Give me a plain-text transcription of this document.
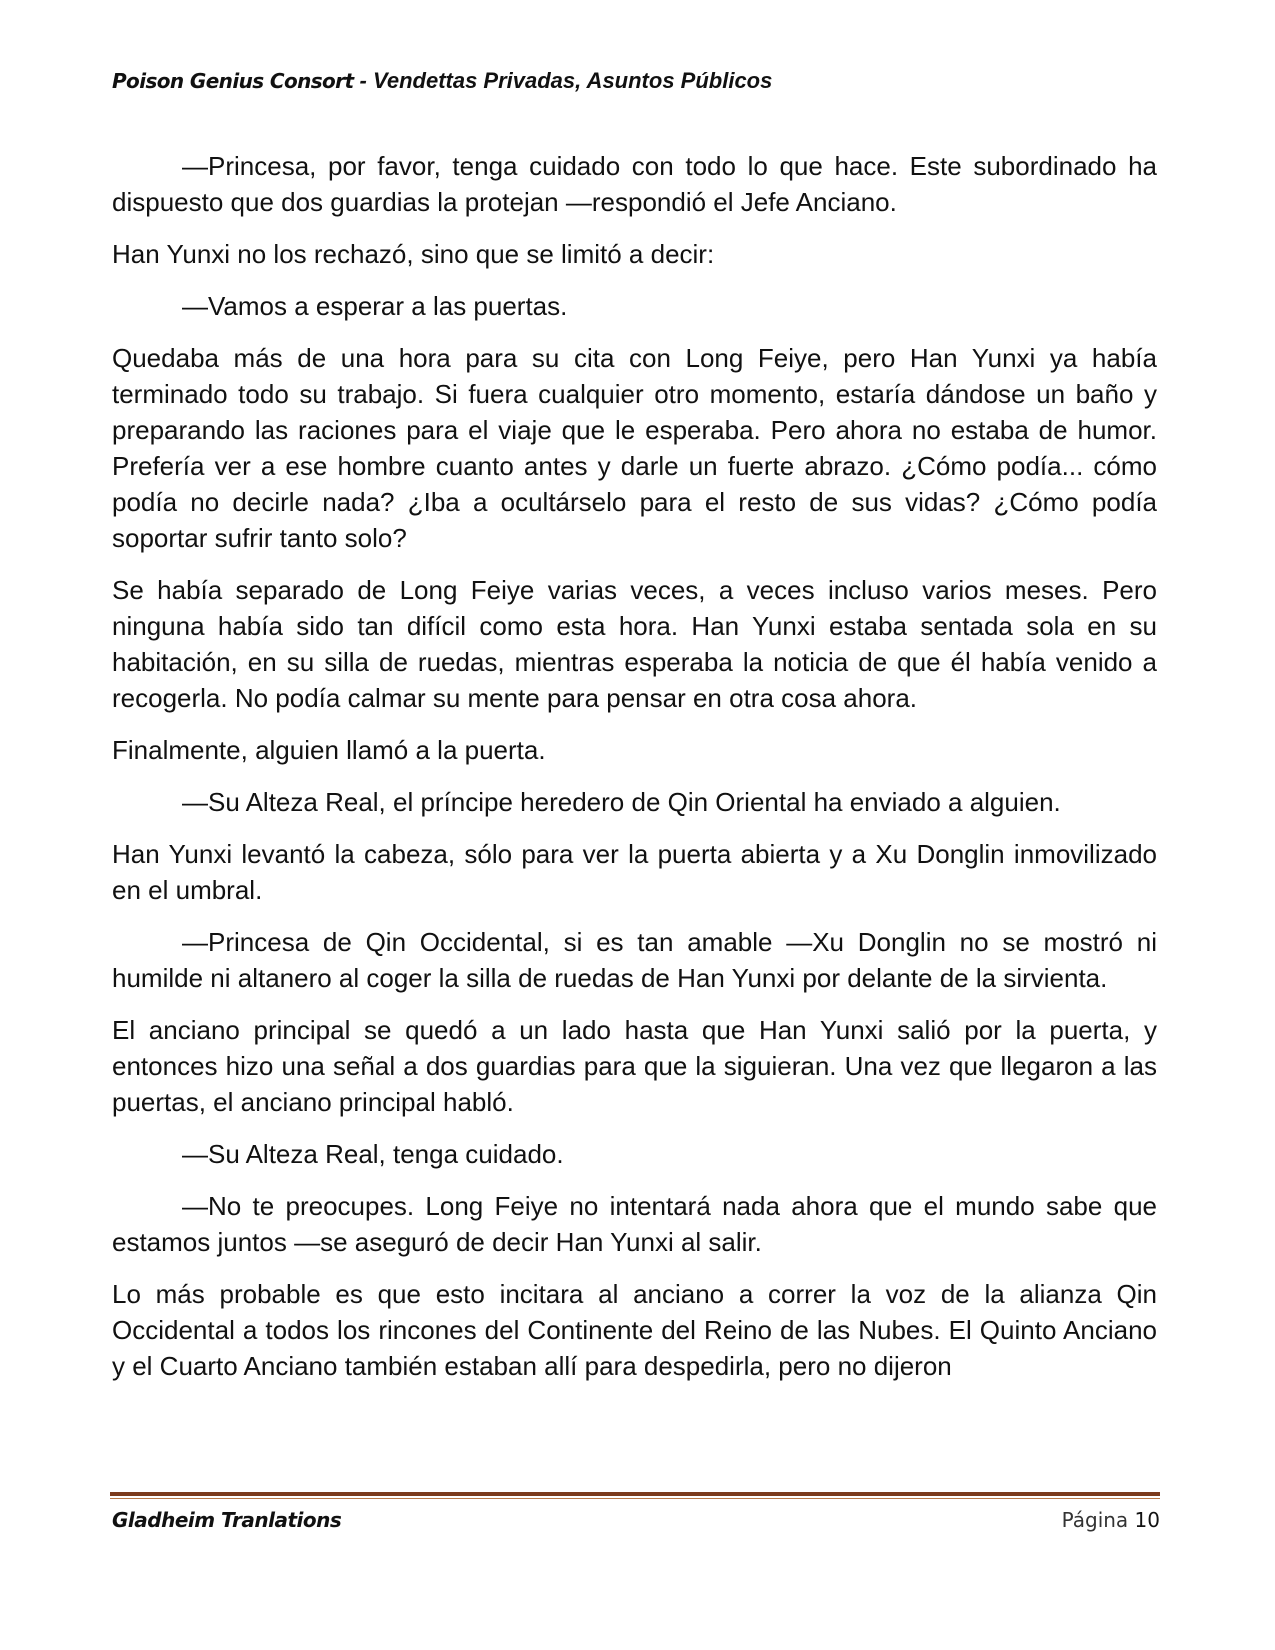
Poison Genius Consort - Vendettas Privadas, Asuntos Públicos

—Princesa, por favor, tenga cuidado con todo lo que hace. Este subordinado ha dispuesto que dos guardias la protejan —respondió el Jefe Anciano.

Han Yunxi no los rechazó, sino que se limitó a decir:

—Vamos a esperar a las puertas.

Quedaba más de una hora para su cita con Long Feiye, pero Han Yunxi ya había terminado todo su trabajo. Si fuera cualquier otro momento, estaría dándose un baño y preparando las raciones para el viaje que le esperaba. Pero ahora no estaba de humor. Prefería ver a ese hombre cuanto antes y darle un fuerte abrazo. ¿Cómo podía... cómo podía no decirle nada? ¿Iba a ocultárselo para el resto de sus vidas? ¿Cómo podía soportar sufrir tanto solo?

Se había separado de Long Feiye varias veces, a veces incluso varios meses. Pero ninguna había sido tan difícil como esta hora. Han Yunxi estaba sentada sola en su habitación, en su silla de ruedas, mientras esperaba la noticia de que él había venido a recogerla. No podía calmar su mente para pensar en otra cosa ahora.

Finalmente, alguien llamó a la puerta.

—Su Alteza Real, el príncipe heredero de Qin Oriental ha enviado a alguien.

Han Yunxi levantó la cabeza, sólo para ver la puerta abierta y a Xu Donglin inmovilizado en el umbral.

—Princesa de Qin Occidental, si es tan amable —Xu Donglin no se mostró ni humilde ni altanero al coger la silla de ruedas de Han Yunxi por delante de la sirvienta.

El anciano principal se quedó a un lado hasta que Han Yunxi salió por la puerta, y entonces hizo una señal a dos guardias para que la siguieran. Una vez que llegaron a las puertas, el anciano principal habló.

—Su Alteza Real, tenga cuidado.

—No te preocupes. Long Feiye no intentará nada ahora que el mundo sabe que estamos juntos —se aseguró de decir Han Yunxi al salir.

Lo más probable es que esto incitara al anciano a correr la voz de la alianza Qin Occidental a todos los rincones del Continente del Reino de las Nubes. El Quinto Anciano y el Cuarto Anciano también estaban allí para despedirla, pero no dijeron

Gladheim Tranlations	Página 10
